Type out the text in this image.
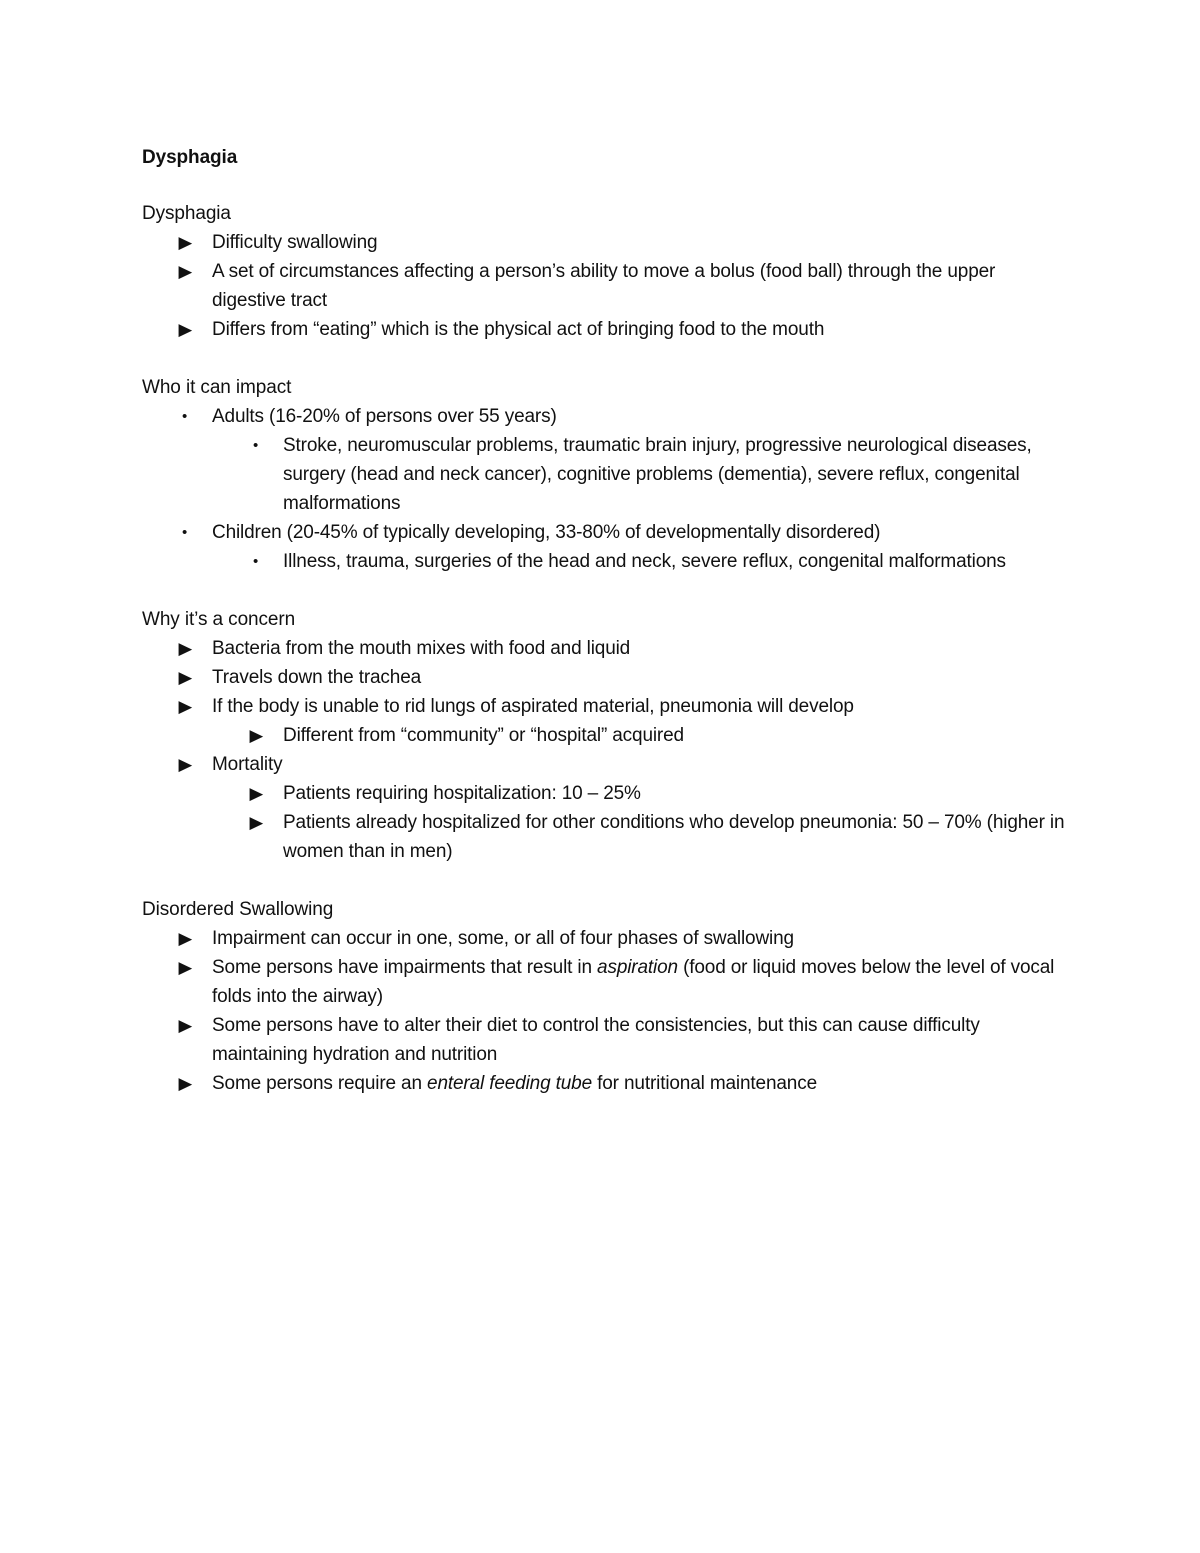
Dysphagia
Dysphagia
▶	Difficulty swallowing
▶	A set of circumstances affecting a person’s ability to move a bolus (food ball) through the upper digestive tract
▶	Differs from “eating” which is the physical act of bringing food to the mouth
Who it can impact
•	Adults (16-20% of persons over 55 years)
•	Stroke, neuromuscular problems, traumatic brain injury, progressive neurological diseases, surgery (head and neck cancer), cognitive problems (dementia), severe reflux, congenital malformations
•	Children (20-45% of typically developing, 33-80% of developmentally disordered)
•	Illness, trauma, surgeries of the head and neck, severe reflux, congenital malformations
Why it’s a concern
▶	Bacteria from the mouth mixes with food and liquid
▶	Travels down the trachea
▶	If the body is unable to rid lungs of aspirated material, pneumonia will develop
▶	Different from “community” or “hospital” acquired
▶	Mortality
▶	Patients requiring hospitalization: 10 – 25%
▶	Patients already hospitalized for other conditions who develop pneumonia: 50 – 70% (higher in women than in men)
Disordered Swallowing
▶	Impairment can occur in one, some, or all of four phases of swallowing
▶	Some persons have impairments that result in aspiration (food or liquid moves below the level of vocal folds into the airway)
▶	Some persons have to alter their diet to control the consistencies, but this can cause difficulty maintaining hydration and nutrition
▶	Some persons require an enteral feeding tube for nutritional maintenance
